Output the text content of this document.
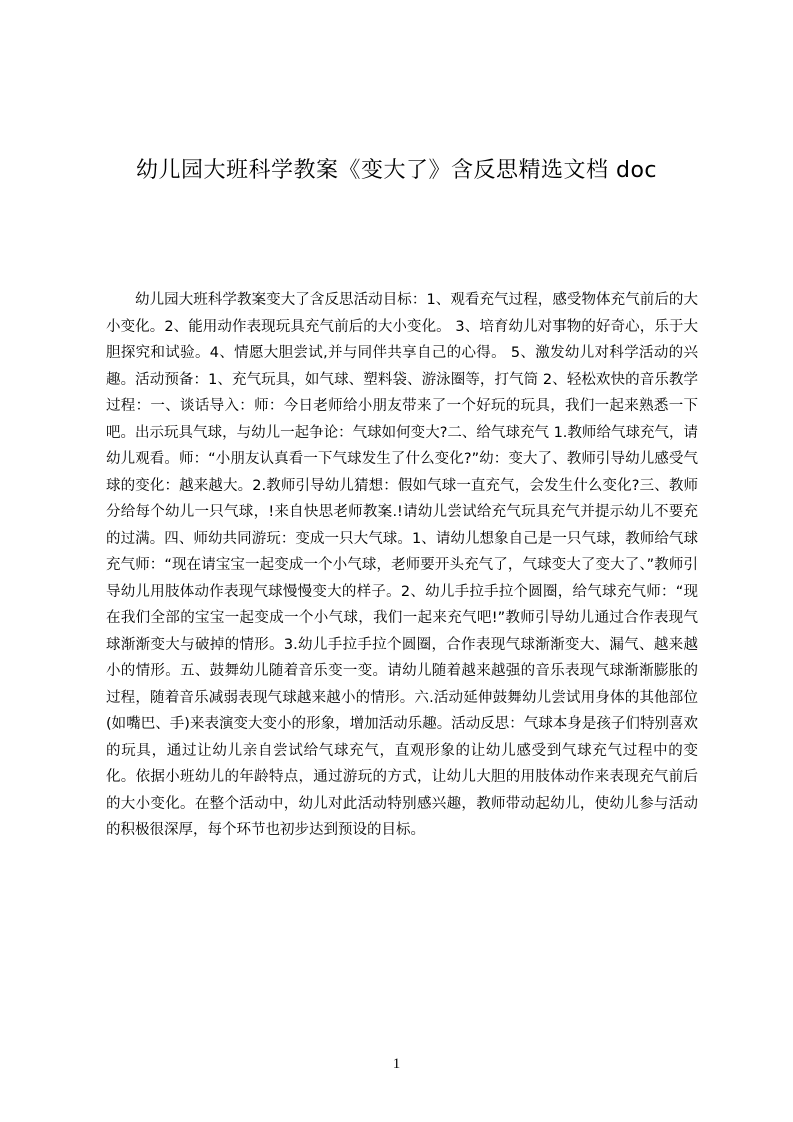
幼儿园大班科学教案《变大了》含反思精选文档 doc

幼儿园大班科学教案变大了含反思活动目标：1、观看充气过程，感受物体充气前后的大小变化。2、能用动作表现玩具充气前后的大小变化。 3、培育幼儿对事物的好奇心，乐于大胆探究和试验。4、情愿大胆尝试,并与同伴共享自己的心得。 5、激发幼儿对科学活动的兴趣。活动预备：1、充气玩具，如气球、塑料袋、游泳圈等，打气筒 2、轻松欢快的音乐教学过程：一、谈话导入：师：今日老师给小朋友带来了一个好玩的玩具，我们一起来熟悉一下吧。出示玩具气球，与幼儿一起争论：气球如何变大?二、给气球充气 1.教师给气球充气，请幼儿观看。师：“小朋友认真看一下气球发生了什么变化?”幼：变大了、教师引导幼儿感受气球的变化：越来越大。2.教师引导幼儿猜想：假如气球一直充气，会发生什么变化?三、教师分给每个幼儿一只气球，!来自快思老师教案.!请幼儿尝试给充气玩具充气并提示幼儿不要充的过满。四、师幼共同游玩：变成一只大气球。1、请幼儿想象自己是一只气球，教师给气球充气师：“现在请宝宝一起变成一个小气球，老师要开头充气了，气球变大了变大了、”教师引导幼儿用肢体动作表现气球慢慢变大的样子。2、幼儿手拉手拉个圆圈，给气球充气师：“现在我们全部的宝宝一起变成一个小气球，我们一起来充气吧!”教师引导幼儿通过合作表现气球渐渐变大与破掉的情形。3.幼儿手拉手拉个圆圈，合作表现气球渐渐变大、漏气、越来越小的情形。五、鼓舞幼儿随着音乐变一变。请幼儿随着越来越强的音乐表现气球渐渐膨胀的过程，随着音乐减弱表现气球越来越小的情形。六.活动延伸鼓舞幼儿尝试用身体的其他部位(如嘴巴、手)来表演变大变小的形象，增加活动乐趣。活动反思：气球本身是孩子们特别喜欢的玩具，通过让幼儿亲自尝试给气球充气，直观形象的让幼儿感受到气球充气过程中的变化。依据小班幼儿的年龄特点，通过游玩的方式，让幼儿大胆的用肢体动作来表现充气前后的大小变化。在整个活动中，幼儿对此活动特别感兴趣，教师带动起幼儿，使幼儿参与活动的积极很深厚，每个环节也初步达到预设的目标。

1
